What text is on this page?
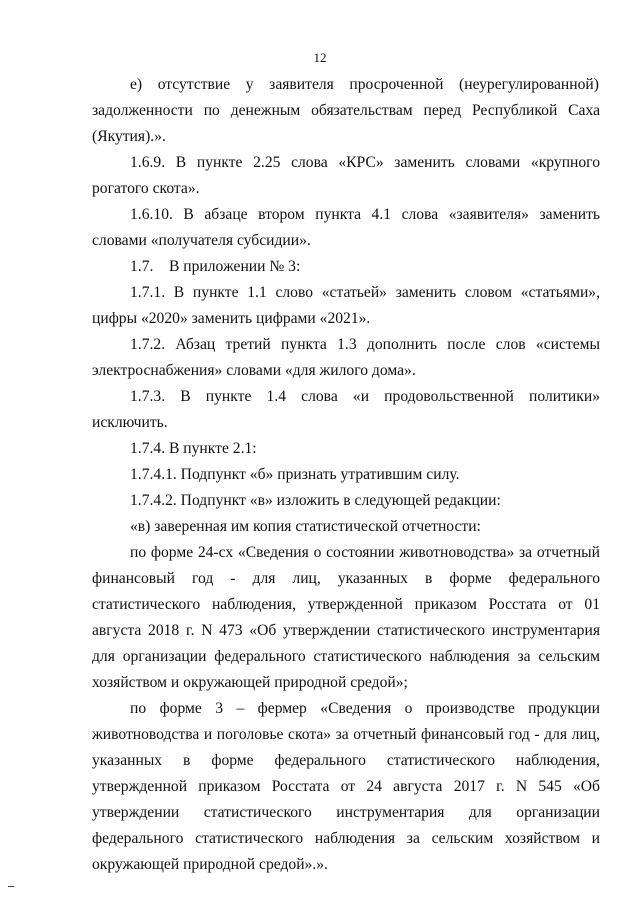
12

е) отсутствие у заявителя просроченной (неурегулированной) задолженности по денежным обязательствам перед Республикой Саха (Якутия).».

1.6.9. В пункте 2.25 слова «КРС» заменить словами «крупного рогатого скота».

1.6.10. В абзаце втором пункта 4.1 слова «заявителя» заменить словами «получателя субсидии».

1.7. В приложении № 3:

1.7.1. В пункте 1.1 слово «статьей» заменить словом «статьями», цифры «2020» заменить цифрами «2021».

1.7.2. Абзац третий пункта 1.3 дополнить после слов «системы электроснабжения» словами «для жилого дома».

1.7.3. В пункте 1.4 слова «и продовольственной политики» исключить.

1.7.4. В пункте 2.1:

1.7.4.1. Подпункт «б» признать утратившим силу.

1.7.4.2. Подпункт «в» изложить в следующей редакции:

«в) заверенная им копия статистической отчетности:

по форме 24-сх «Сведения о состоянии животноводства» за отчетный финансовый год - для лиц, указанных в форме федерального статистического наблюдения, утвержденной приказом Росстата от 01 августа 2018 г. N 473 «Об утверждении статистического инструментария для организации федерального статистического наблюдения за сельским хозяйством и окружающей природной средой»;

по форме 3 – фермер «Сведения о производстве продукции животноводства и поголовье скота» за отчетный финансовый год - для лиц, указанных в форме федерального статистического наблюдения, утвержденной приказом Росстата от 24 августа 2017 г. N 545 «Об утверждении статистического инструментария для организации федерального статистического наблюдения за сельским хозяйством и окружающей природной средой».».
